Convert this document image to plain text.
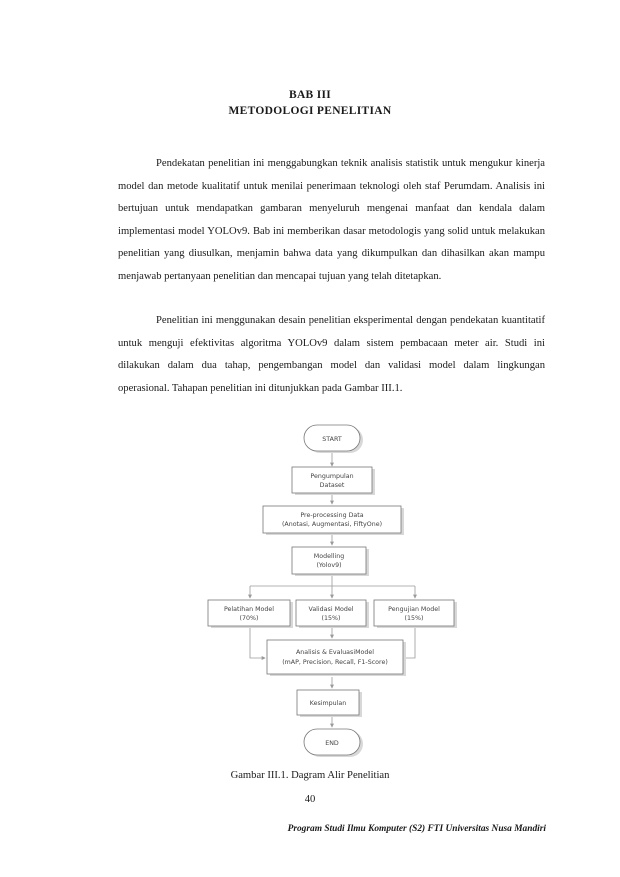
BAB III
METODOLOGI PENELITIAN

Pendekatan penelitian ini menggabungkan teknik analisis statistik untuk mengukur kinerja model dan metode kualitatif untuk menilai penerimaan teknologi oleh staf Perumdam. Analisis ini bertujuan untuk mendapatkan gambaran menyeluruh mengenai manfaat dan kendala dalam implementasi model YOLOv9. Bab ini memberikan dasar metodologis yang solid untuk melakukan penelitian yang diusulkan, menjamin bahwa data yang dikumpulkan dan dihasilkan akan mampu menjawab pertanyaan penelitian dan mencapai tujuan yang telah ditetapkan.

Penelitian ini menggunakan desain penelitian eksperimental dengan pendekatan kuantitatif untuk menguji efektivitas algoritma YOLOv9 dalam sistem pembacaan meter air. Studi ini dilakukan dalam dua tahap, pengembangan model dan validasi model dalam lingkungan operasional. Tahapan penelitian ini ditunjukkan pada Gambar III.1.

START
Pengumpulan
Dataset
Pre-processing Data
(Anotasi, Augmentasi, FiftyOne)
Modelling
(Yolov9)
Pelatihan Model
(70%)
Validasi Model
(15%)
Pengujian Model
(15%)
Analisis & EvaluasiModel
(mAP, Precision, Recall, F1-Score)
Kesimpulan
END
Gambar III.1. Dagram Alir Penelitian
40
Program Studi Ilmu Komputer (S2) FTI Universitas Nusa Mandiri
